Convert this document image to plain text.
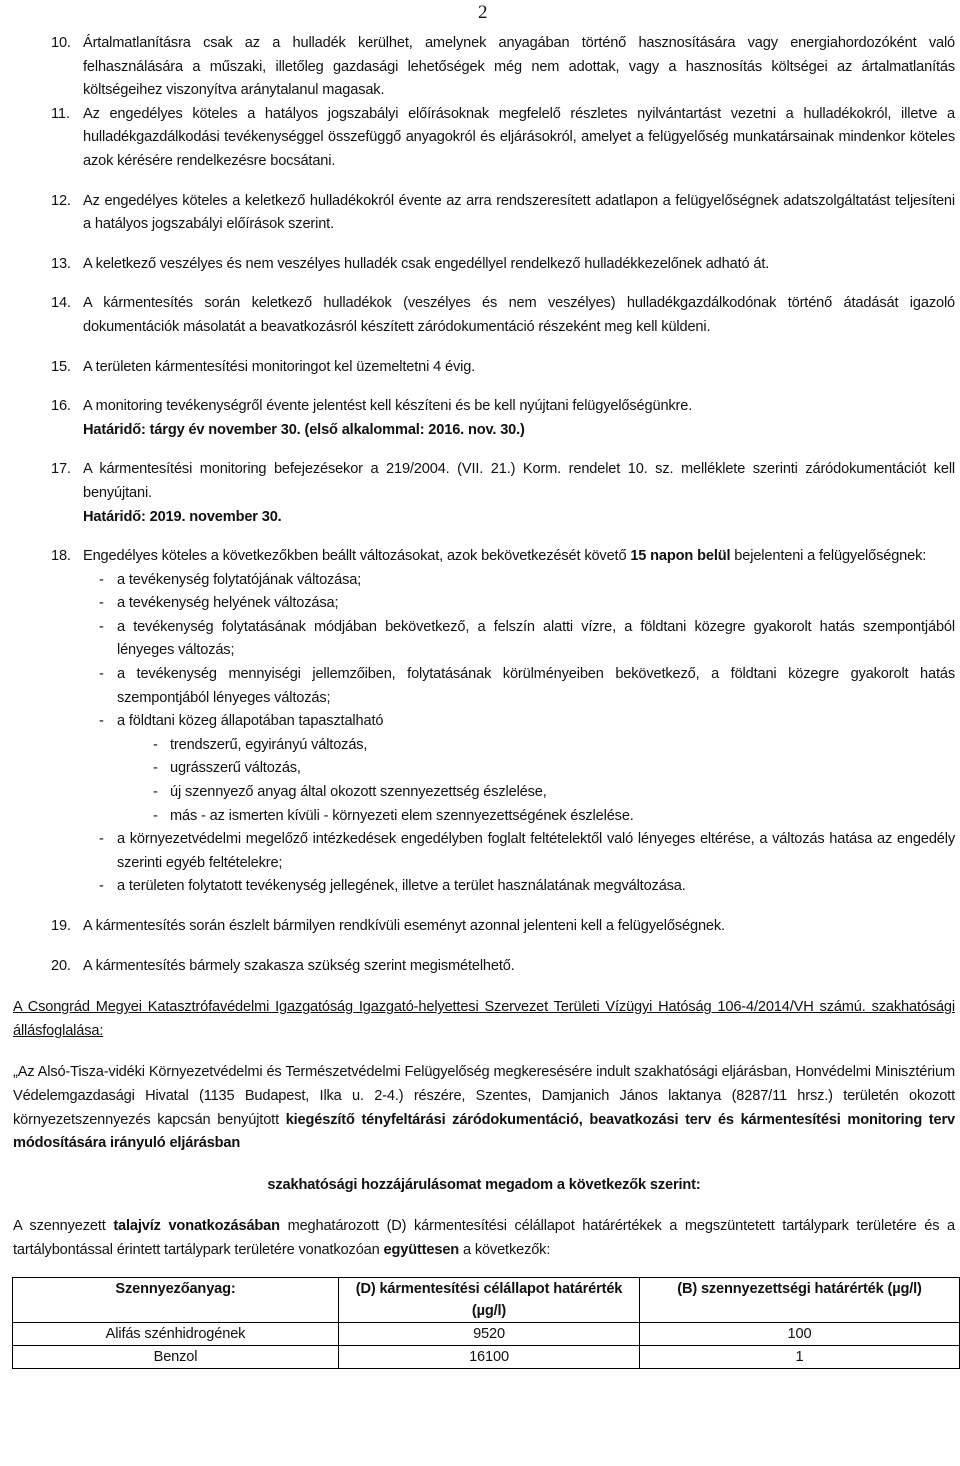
2
10. Ártalmatlanításra csak az a hulladék kerülhet, amelynek anyagában történő hasznosítására vagy energiahordozóként való felhasználására a műszaki, illetőleg gazdasági lehetőségek még nem adottak, vagy a hasznosítás költségei az ártalmatlanítás költségeihez viszonyítva aránytalanul magasak.
11. Az engedélyes köteles a hatályos jogszabályi előírásoknak megfelelő részletes nyilvántartást vezetni a hulladékokról, illetve a hulladékgazdálkodási tevékenységgel összefüggő anyagokról és eljárásokról, amelyet a felügyelőség munkatársainak mindenkor köteles azok kérésére rendelkezésre bocsátani.
12. Az engedélyes köteles a keletkező hulladékokról évente az arra rendszeresített adatlapon a felügyelőségnek adatszolgáltatást teljesíteni a hatályos jogszabályi előírások szerint.
13. A keletkező veszélyes és nem veszélyes hulladék csak engedéllyel rendelkező hulladékkezelőnek adható át.
14. A kármentesítés során keletkező hulladékok (veszélyes és nem veszélyes) hulladékgazdálkodónak történő átadását igazoló dokumentációk másolatát a beavatkozásról készített záródokumentáció részeként meg kell küldeni.
15. A területen kármentesítési monitoringot kel üzemeltetni 4 évig.
16. A monitoring tevékenységről évente jelentést kell készíteni és be kell nyújtani felügyelőségünkre.
Határidő: tárgy év november 30. (első alkalommal: 2016. nov. 30.)
17. A kármentesítési monitoring befejezésekor a 219/2004. (VII. 21.) Korm. rendelet 10. sz. melléklete szerinti záródokumentációt kell benyújtani.
Határidő: 2019. november 30.
18. Engedélyes köteles a következőkben beállt változásokat, azok bekövetkezését követő 15 napon belül bejelenteni a felügyelőségnek:
- a tevékenység folytatójának változása;
- a tevékenység helyének változása;
- a tevékenység folytatásának módjában bekövetkező, a felszín alatti vízre, a földtani közegre gyakorolt hatás szempontjából lényeges változás;
- a tevékenység mennyiségi jellemzőiben, folytatásának körülményeiben bekövetkező, a földtani közegre gyakorolt hatás szempontjából lényeges változás;
- a földtani közeg állapotában tapasztalható
- trendszerű, egyirányú változás,
- ugrásszerű változás,
- új szennyező anyag által okozott szennyezettség észlelése,
- más - az ismerten kívüli - környezeti elem szennyezettségének észlelése.
- a környezetvédelmi megelőző intézkedések engedélyben foglalt feltételektől való lényeges eltérése, a változás hatása az engedély szerinti egyéb feltételekre;
- a területen folytatott tevékenység jellegének, illetve a terület használatának megváltozása.
19. A kármentesítés során észlelt bármilyen rendkívüli eseményt azonnal jelenteni kell a felügyelőségnek.
20. A kármentesítés bármely szakasza szükség szerint megismételhető.
A Csongrád Megyei Katasztrófavédelmi Igazgatóság Igazgató-helyettesi Szervezet Területi Vízügyi Hatóság 106-4/2014/VH számú. szakhatósági állásfoglalása:
„Az Alsó-Tisza-vidéki Környezetvédelmi és Természetvédelmi Felügyelőség megkeresésére indult szakhatósági eljárásban, Honvédelmi Minisztérium Védelemgazdasági Hivatal (1135 Budapest, Ilka u. 2-4.) részére, Szentes, Damjanich János laktanya (8287/11 hrsz.) területén okozott környezetszennyezés kapcsán benyújtott kiegészítő tényfeltárási záródokumentáció, beavatkozási terv és kármentesítési monitoring terv módosítására irányuló eljárásban
szakhatósági hozzájárulásomat megadom a következők szerint:
A szennyezett talajvíz vonatkozásában meghatározott (D) kármentesítési célállapot határértékek a megszüntetett tartálypark területére és a tartálybontással érintett tartálypark területére vonatkozóan együttesen a következők:
Szennyezőanyag:	(D) kármentesítési célállapot határérték (µg/l)	(B) szennyezettségi határérték (µg/l)
Alifás szénhidrogének	9520	100
Benzol	16100	1
